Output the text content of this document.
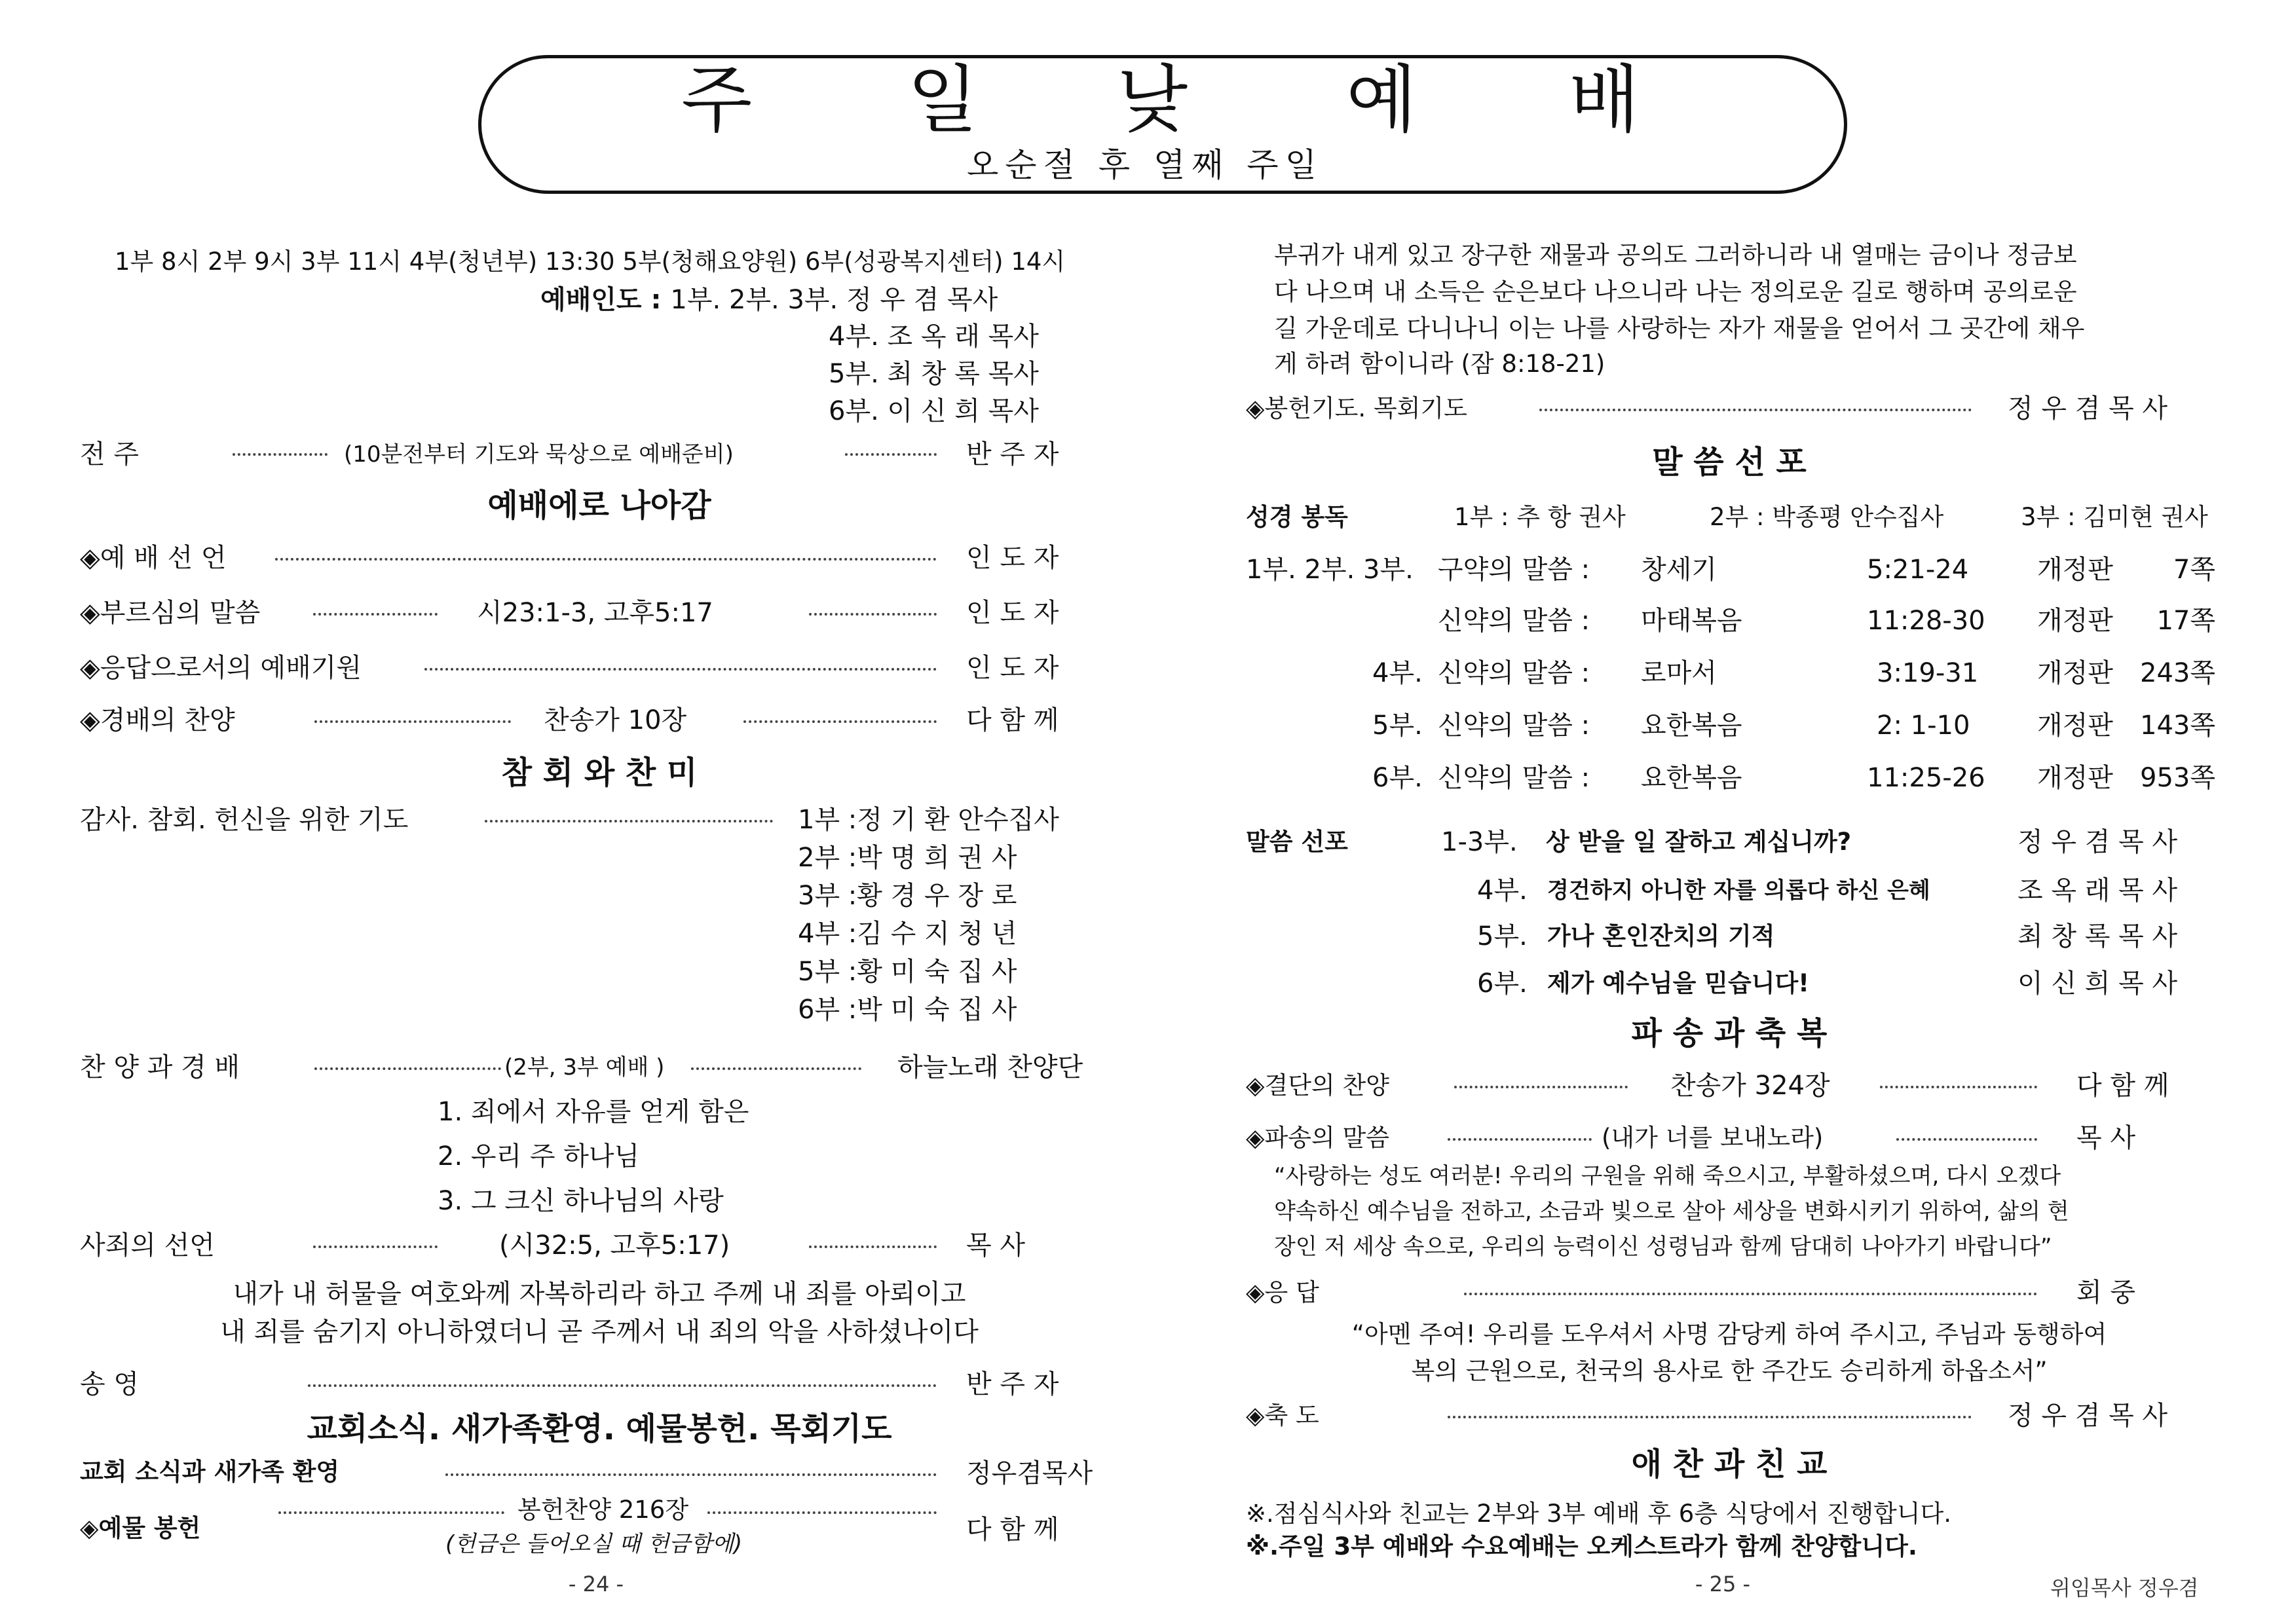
주 일 낮 예 배
오순절 후 열째 주일
1부 8시 2부 9시 3부 11시 4부(청년부) 13:30 5부(청해요양원) 6부(성광복지센터) 14시
예배인도 : 1부. 2부. 3부. 정 우 겸 목사
4부. 조 옥 래 목사
5부. 최 창 록 목사
6부. 이 신 희 목사
전 주	(10분전부터 기도와 묵상으로 예배준비)	반 주 자
예배에로 나아감
◈예 배 선 언	인 도 자
◈부르심의 말씀	시23:1-3, 고후5:17	인 도 자
◈응답으로서의 예배기원	인 도 자
◈경배의 찬양	찬송가 10장	다 함 께
참 회 와 찬 미
감사. 참회. 헌신을 위한 기도	1부 :정 기 환 안수집사
2부 :박 명 희 권 사
3부 :황 경 우 장 로
4부 :김 수 지 청 년
5부 :황 미 숙 집 사
6부 :박 미 숙 집 사
찬 양 과 경 배	(2부, 3부 예배 )	하늘노래 찬양단
1. 죄에서 자유를 얻게 함은
2. 우리 주 하나님
3. 그 크신 하나님의 사랑
사죄의 선언	(시32:5, 고후5:17)	목 사
내가 내 허물을 여호와께 자복하리라 하고 주께 내 죄를 아뢰이고
내 죄를 숨기지 아니하였더니 곧 주께서 내 죄의 악을 사하셨나이다
송 영	반 주 자
교회소식. 새가족환영. 예물봉헌. 목회기도
교회 소식과 새가족 환영	정우겸목사
봉헌찬양 216장
◈예물 봉헌
(헌금은 들어오실 때 헌금함에)	다 함 께
- 24 -
부귀가 내게 있고 장구한 재물과 공의도 그러하니라 내 열매는 금이나 정금보
다 나으며 내 소득은 순은보다 나으니라 나는 정의로운 길로 행하며 공의로운
길 가운데로 다니나니 이는 나를 사랑하는 자가 재물을 얻어서 그 곳간에 채우
게 하려 함이니라 (잠 8:18-21)
◈봉헌기도. 목회기도	정 우 겸 목 사
말 씀 선 포
성경 봉독	1부 : 추 항 권사	2부 : 박종평 안수집사	3부 : 김미현 권사
1부. 2부. 3부. 구약의 말씀 : 창세기	5:21-24	개정판	7쪽
신약의 말씀 : 마태복음	11:28-30 개정판	17쪽
4부. 신약의 말씀 : 로마서	3:19-31 개정판	243쪽
5부. 신약의 말씀 : 요한복음	2: 1-10	개정판	143쪽
6부. 신약의 말씀 : 요한복음	11:25-26 개정판	953쪽
말씀 선포	1-3부. 상 받을 일 잘하고 계십니까?	정 우 겸 목 사
4부. 경건하지 아니한 자를 의롭다 하신 은혜	조 옥 래 목 사
5부. 가나 혼인잔치의 기적	최 창 록 목 사
6부. 제가 예수님을 믿습니다!	이 신 희 목 사
파 송 과 축 복
◈결단의 찬양	찬송가 324장	다 함 께
◈파송의 말씀	(내가 너를 보내노라)	목 사
“사랑하는 성도 여러분! 우리의 구원을 위해 죽으시고, 부활하셨으며, 다시 오겠다
약속하신 예수님을 전하고, 소금과 빛으로 살아 세상을 변화시키기 위하여, 삶의 현
장인 저 세상 속으로, 우리의 능력이신 성령님과 함께 담대히 나아가기 바랍니다”
◈응 답	회 중
“아멘 주여! 우리를 도우셔서 사명 감당케 하여 주시고, 주님과 동행하여
복의 근원으로, 천국의 용사로 한 주간도 승리하게 하옵소서”
◈축 도	정 우 겸 목 사
애 찬 과 친 교
※.점심식사와 친교는 2부와 3부 예배 후 6층 식당에서 진행합니다.
※.주일 3부 예배와 수요예배는 오케스트라가 함께 찬양합니다.
- 25 -	위임목사 정우겸
